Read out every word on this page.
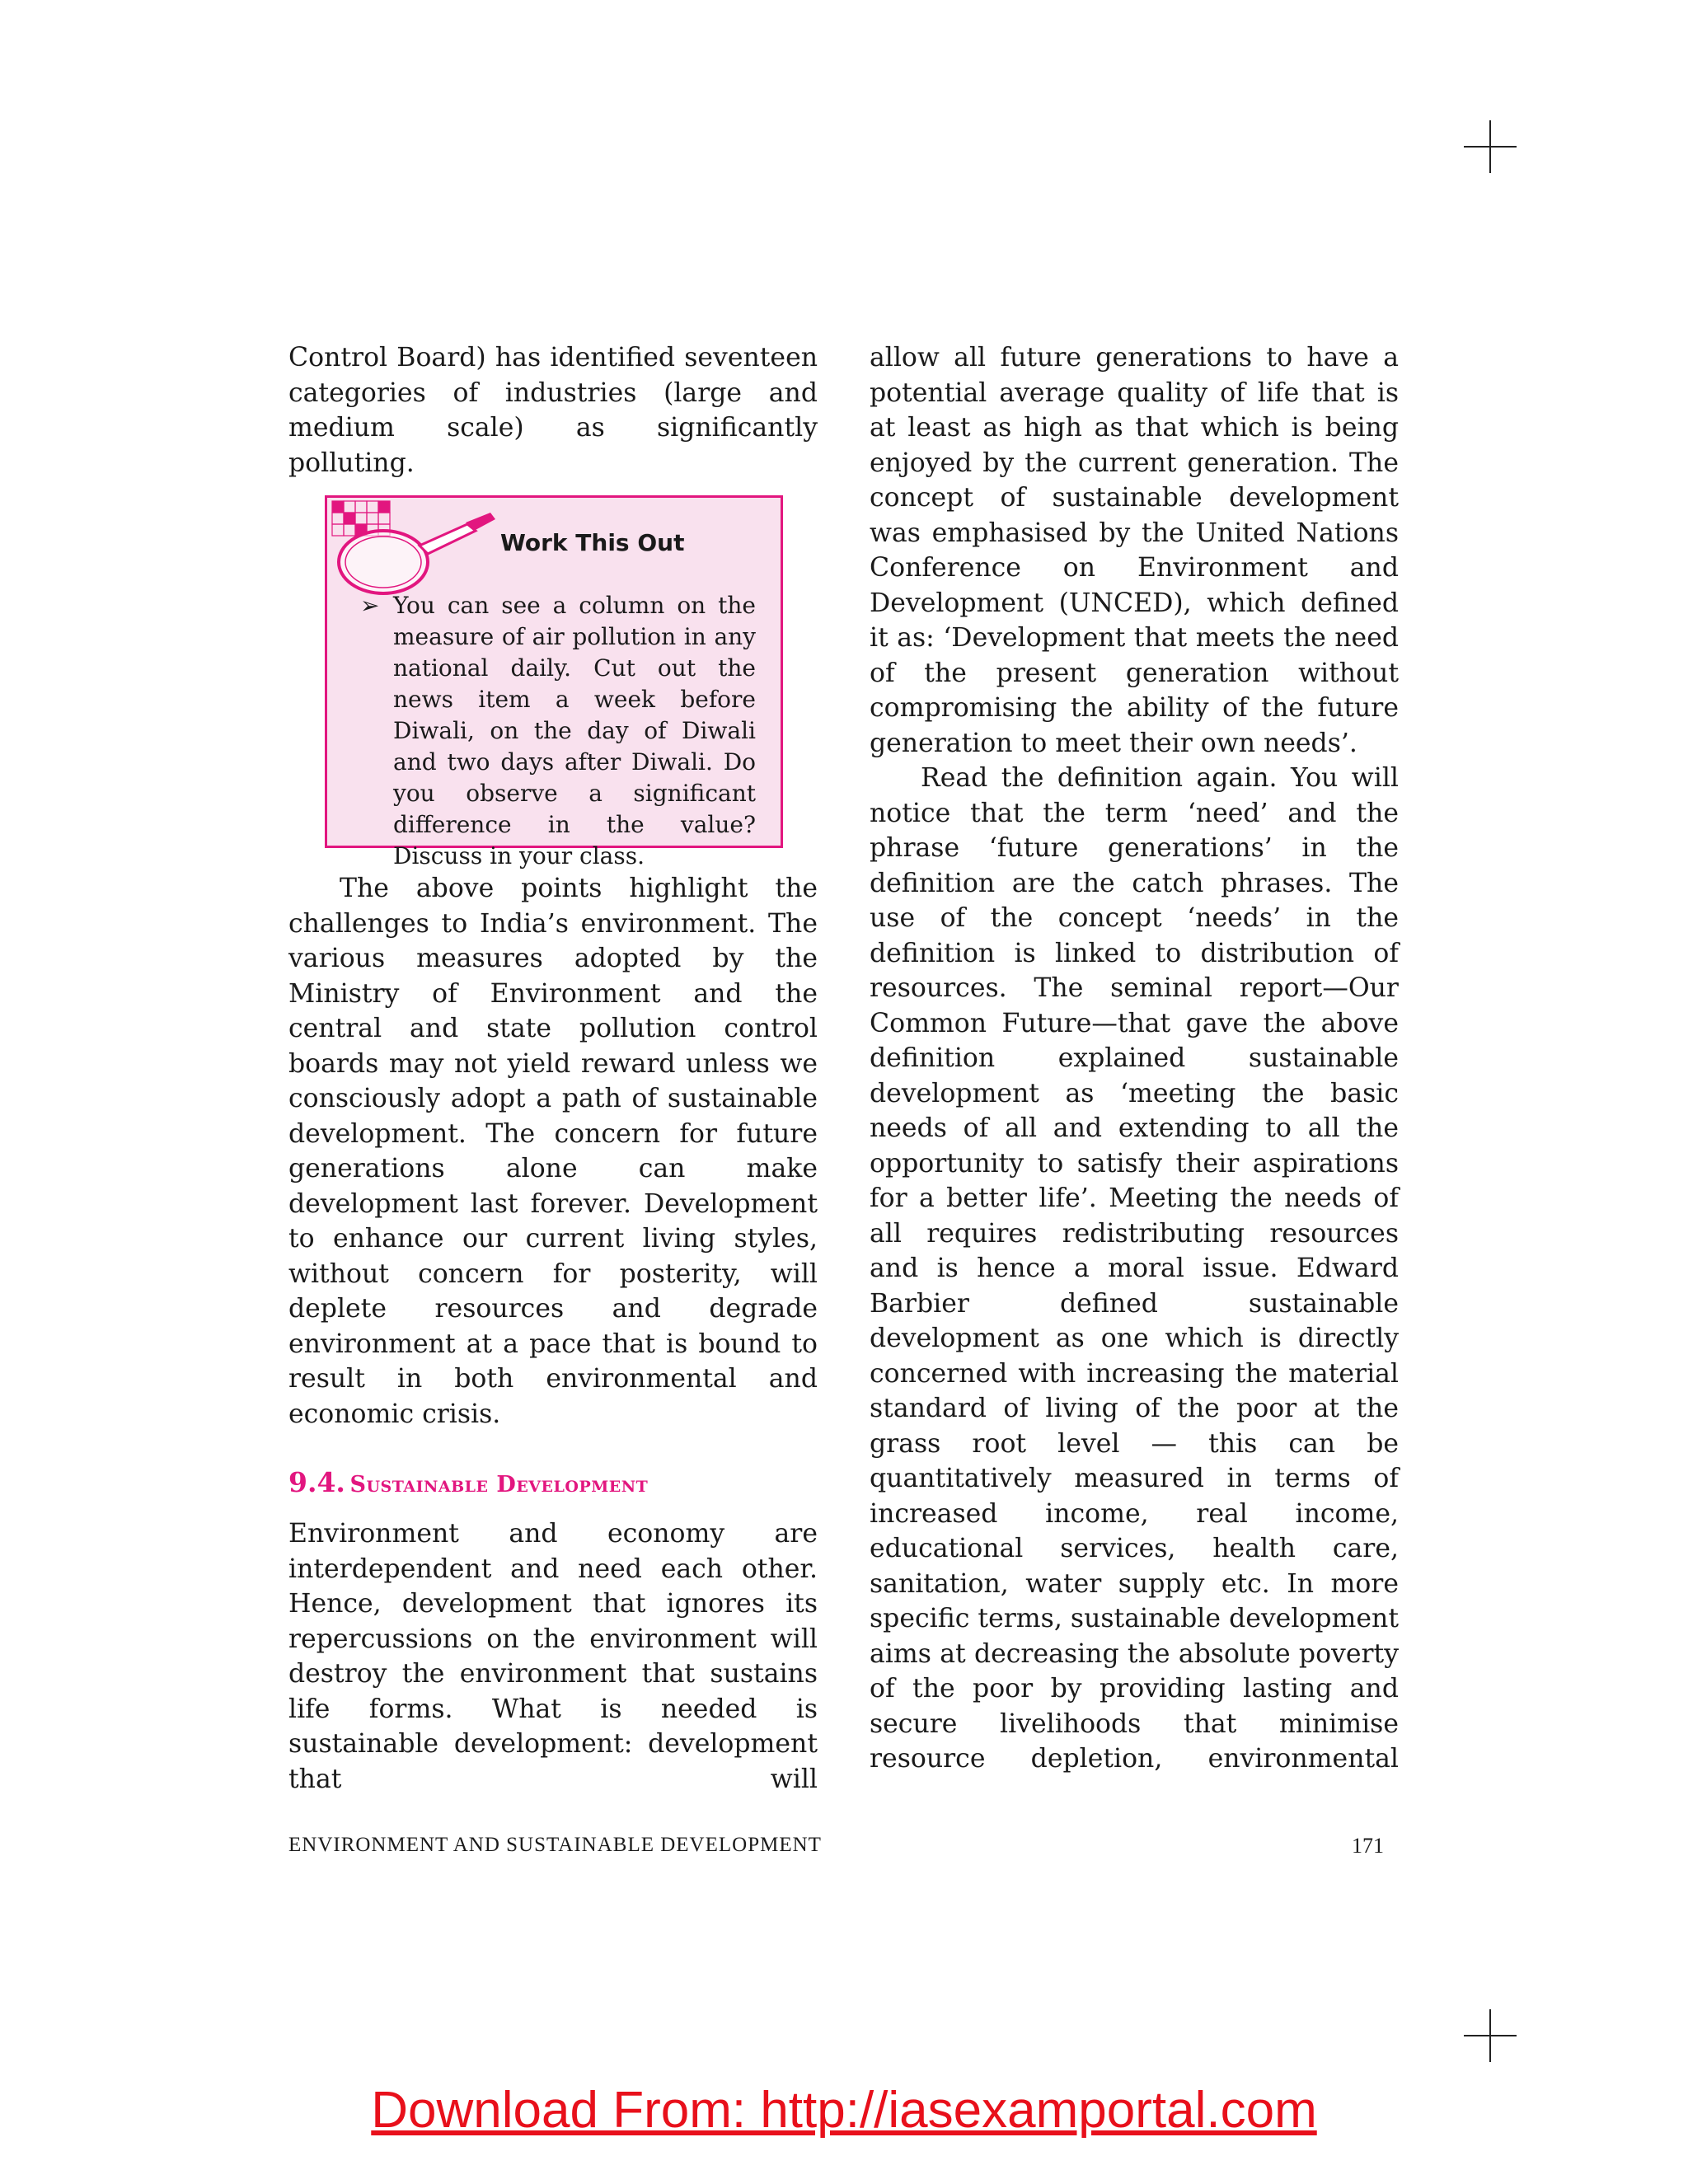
Control Board) has identified seventeen categories of industries (large and medium scale) as significantly polluting.

Work This Out
➢ You can see a column on the measure of air pollution in any national daily. Cut out the news item a week before Diwali, on the day of Diwali and two days after Diwali. Do you observe a significant difference in the value? Discuss in your class.

The above points highlight the challenges to India’s environment. The various measures adopted by the Ministry of Environment and the central and state pollution control boards may not yield reward unless we consciously adopt a path of sustainable development. The concern for future generations alone can make development last forever. Development to enhance our current living styles, without concern for posterity, will deplete resources and degrade environment at a pace that is bound to result in both environmental and economic crisis.

9.4. Sustainable Development

Environment and economy are interdependent and need each other. Hence, development that ignores its repercussions on the environment will destroy the environment that sustains life forms. What is needed is sustainable development: development that will

allow all future generations to have a potential average quality of life that is at least as high as that which is being enjoyed by the current generation. The concept of sustainable development was emphasised by the United Nations Conference on Environment and Development (UNCED), which defined it as: ‘Development that meets the need of the present generation without compromising the ability of the future generation to meet their own needs’.

Read the definition again. You will notice that the term ‘need’ and the phrase ‘future generations’ in the definition are the catch phrases. The use of the concept ‘needs’ in the definition is linked to distribution of resources. The seminal report—Our Common Future—that gave the above definition explained sustainable development as ‘meeting the basic needs of all and extending to all the opportunity to satisfy their aspirations for a better life’. Meeting the needs of all requires redistributing resources and is hence a moral issue. Edward Barbier defined sustainable development as one which is directly concerned with increasing the material standard of living of the poor at the grass root level — this can be quantitatively measured in terms of increased income, real income, educational services, health care, sanitation, water supply etc. In more specific terms, sustainable development aims at decreasing the absolute poverty of the poor by providing lasting and secure livelihoods that minimise resource depletion, environmental

ENVIRONMENT AND SUSTAINABLE DEVELOPMENT	171
Download From: http://iasexamportal.com
